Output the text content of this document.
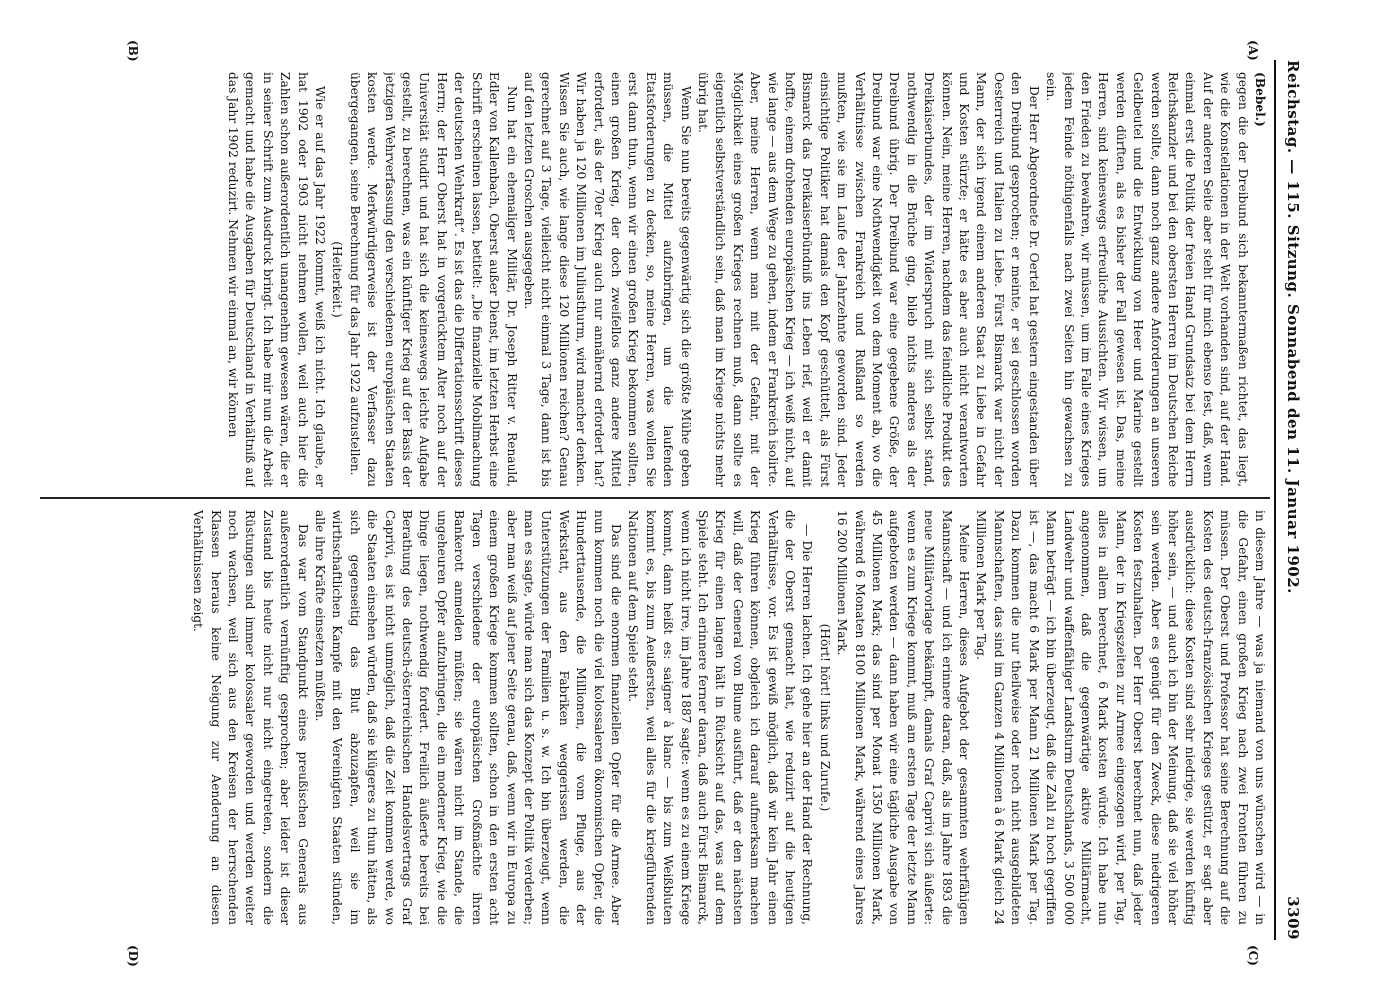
Reichstag. — 115. Sitzung. Sonnabend den 11. Januar 1902.
3309
(A)
(B)
(C)
(D)

(Bebel.)

gegen die der Dreibund sich bekanntermaßen richtet, das liegt, wie die Konstellationen in der Welt vorhanden sind, auf der Hand. Auf der anderen Seite aber steht für mich ebenso fest, daß, wenn einmal erst die Politik der freien Hand Grundsatz bei dem Herrn Reichskanzler und bei den obersten Herren im Deutschen Reiche werden sollte, dann noch ganz andere Anforderungen an unseren Geldbeutel und die Entwicklung von Heer und Marine gestellt werden dürften, als es bisher der Fall gewesen ist. Das, meine Herren, sind keineswegs erfreuliche Aussichten. Wir wissen, um den Frieden zu bewahren, wir müssen, um im Falle eines Krieges jedem Feinde nöthigenfalls nach zwei Seiten hin gewachsen zu sein.

Der Herr Abgeordnete Dr. Oertel hat gestern eingestanden über den Dreibund gesprochen; er meinte, er sei geschlossen worden Oesterreich und Italien zu Liebe. Fürst Bismarck war nicht der Mann, der sich irgend einem anderen Staat zu Liebe in Gefahr und Kosten stürzte; er hätte es aber auch nicht verantworten können. Nein, meine Herren, nachdem das feindliche Produkt des Dreikaiserbundes, der im Widerspruch mit sich selbst stand, nothwendig in die Brüche ging, blieb nichts anderes als der Dreibund übrig. Der Dreibund war eine gegebene Größe, der Dreibund war eine Nothwendigkeit von dem Moment ab, wo die Verhältnisse zwischen Frankreich und Rußland so werden mußten, wie sie im Laufe der Jahrzehnte geworden sind. Jeder einsichtige Politiker hat damals den Kopf geschüttelt, als Fürst Bismarck das Dreikaiserbündniß ins Leben rief, weil er damit hoffte, einem drohenden europäischen Krieg — ich weiß nicht, auf wie lange — aus dem Wege zu gehen, indem er Frankreich isolirte. Aber, meine Herren, wenn man mit der Gefahr, mit der Möglichkeit eines großen Krieges rechnen muß, dann sollte es eigentlich selbstverständlich sein, daß man im Kriege nichts mehr übrig hat.

Wenn Sie nun bereits gegenwärtig sich die größte Mühe geben müssen, die Mittel aufzubringen, um die laufenden Etatsforderungen zu decken, so, meine Herren, was wollen Sie erst dann thun, wenn wir einen großen Krieg bekommen sollten, einen großen Krieg, der doch zweifellos ganz andere Mittel erfordert, als der 70er Krieg auch nur annähernd erfordert hat? Wir haben ja 120 Millionen im Juliusthurm, wird mancher denken. Wissen Sie auch, wie lange diese 120 Millionen reichen? Genau gerechnet auf 3 Tage, vielleicht nicht einmal 3 Tage, dann ist bis auf den letzten Groschen ausgegeben.

Nun hat ein ehemaliger Militär, Dr. Joseph Ritter v. Renauld, Edler von Kallenbach, Oberst außer Dienst, im letzten Herbst eine Schrift erscheinen lassen, betitelt: „Die finanzielle Mobilmachung der deutschen Wehrkraft“. Es ist das die Differtationsschrift dieses Herrn; der Herr Oberst hat in vorgerücktem Alter noch auf der Universität studirt und hat sich die keineswegs leichte Aufgabe gestellt, zu berechnen, was ein künftiger Krieg auf der Basis der jetzigen Wehrverfassung den verschiedenen europäischen Staaten kosten werde. Merkwürdigerweise ist der Verfasser dazu übergegangen, seine Berechnung für das Jahr 1922 aufzustellen.

(Heiterkeit.)

Wie er auf das Jahr 1922 kommt, weiß ich nicht. Ich glaube, er hat 1902 oder 1903 nicht nehmen wollen, weil auch hier die Zahlen schon außerordentlich unangenehm gewesen wären, die er in seiner Schrift zum Ausdruck bringt. Ich habe mir nun die Arbeit gemacht und habe die Ausgaben für Deutschland in Verhältniß auf das Jahr 1902 reduzirt. Nehmen wir einmal an, wir können

in diesem Jahre — was ja niemand von uns wünschen wird — in die Gefahr, einen großen Krieg nach zwei Fronten führen zu müssen. Der Oberst und Professor hat seine Berechnung auf die Kosten des deutsch-französischen Krieges gestützt, er sagt aber ausdrücklich: diese Kosten sind sehr niedrige, sie werden künftig höher sein, — und auch ich bin der Meinung, daß sie viel höher sein werden. Aber es genügt für den Zweck, diese niedrigeren Kosten festzuhalten. Der Herr Oberst berechnet nun, daß jeder Mann, der in Kriegszeiten zur Armee eingezogen wird, per Tag, alles in allem berechnet, 6 Mark kosten würde. Ich habe nun angenommen, daß die gegenwärtige aktive Militärmacht, Landwehr und waffenfähiger Landsturm Deutschlands, 3 500 000 Mann beträgt — ich bin überzeugt, daß die Zahl zu hoch gegriffen ist —, das macht 6 Mark per Mann 21 Millionen Mark per Tag. Dazu kommen die nur theilweise oder noch nicht ausgebildeten Mannschaften, das sind im Ganzen 4 Millionen à 6 Mark gleich 24 Millionen Mark per Tag.

Meine Herren, dieses Aufgebot der gesammten wehrfähigen Mannschaft — und ich erinnere daran, daß, als im Jahre 1893 die neue Militärvorlage bekämpft, damals Graf Caprivi sich äußerte: wenn es zum Kriege kommt, muß am ersten Tage der letzte Mann aufgeboten werden — dann haben wir eine tägliche Ausgabe von 45 Millionen Mark; das sind per Monat 1350 Millionen Mark, während 6 Monaten 8100 Millionen Mark, während eines Jahres 16 200 Millionen Mark.

(Hört! hört! links und Zurufe.)

— Die Herren lachen. Ich gehe hier an der Hand der Rechnung, die der Oberst gemacht hat, wie reduzirt auf die heutigen Verhältnisse, vor. Es ist gewiß möglich, daß wir kein Jahr einen Krieg führen können, obgleich ich darauf aufmerksam machen will, daß der General von Blume ausführt, daß er den nächsten Krieg für einen langen hält in Rücksicht auf das, was auf dem Spiele steht. Ich erinnere ferner daran, daß auch Fürst Bismarck, wenn ich nicht irre, im Jahre 1887 sagte: wenn es zu einem Kriege kommt, dann heißt es: saigner à blanc — bis zum Weißbluten kommt es, bis zum Aeußersten, weil alles für die kriegführenden Nationen auf dem Spiele steht.

Das sind die enormen finanziellen Opfer für die Armee. Aber nun kommen noch die viel kolossaleren ökonomischen Opfer, die Hunderttausende, die Millionen, die vom Pfluge, aus der Werkstatt, aus den Fabriken weggerissen werden, die Unterstützungen der Familien u. s. w. Ich bin überzeugt, wenn man es sagte, würde man sich das Konzept der Politik verderben; aber man weiß auf jener Seite genau, daß, wenn wir in Europa zu einem großen Kriege kommen sollten, schon in den ersten acht Tagen verschiedene der europäischen Großmächte ihren Bankerott anmelden müßten; sie wären nicht im Stande, die ungeheuren Opfer aufzubringen, die ein moderner Krieg, wie die Dinge liegen, nothwendig fordert. Freilich äußerte bereits bei Berathung des deutsch-österreichischen Handelsvertrags Graf Caprivi, es ist nicht unmöglich, daß die Zeit kommen werde, wo die Staaten einsehen würden, daß sie klügeres zu thun hätten, als sich gegenseitig das Blut abzuzapfen, weil sie im wirthschaftlichen Kampfe mit den Vereinigten Staaten stünden, alle ihre Kräfte einsetzen müßten.

Das war vom Standpunkt eines preußischen Generals aus außerordentlich vernünftig gesprochen; aber leider ist dieser Zustand bis heute nicht nur nicht eingetreten, sondern die Rüstungen sind immer kolossaler geworden und werden weiter noch wachsen, weil sich aus den Kreisen der herrschenden Klassen heraus keine Neigung zur Aenderung an diesen Verhältnissen zeigt.
